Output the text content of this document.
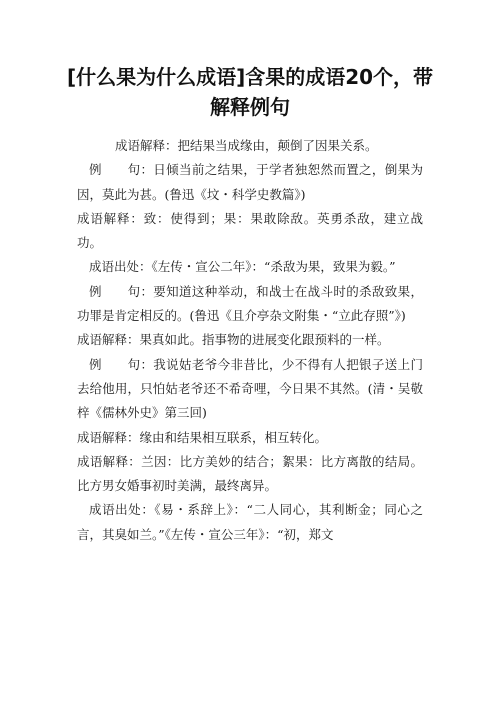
[什么果为什么成语]含果的成语20个，带解释例句

成语解释：把结果当成缘由，颠倒了因果关系。

例　　句：日倾当前之结果，于学者独恕然而置之，倒果为因，莫此为甚。(鲁迅《坟・科学史教篇》)

成语解释：致：使得到；果：果敢除敌。英勇杀敌，建立战功。

成语出处：《左传・宣公二年》：“杀敌为果，致果为毅。”

例　　句：要知道这种举动，和战士在战斗时的杀敌致果，功罪是肯定相反的。(鲁迅《且介亭杂文附集・“立此存照”》)

成语解释：果真如此。指事物的进展变化跟预料的一样。

例　　句：我说姑老爷今非昔比，少不得有人把银子送上门去给他用，只怕姑老爷还不希奇哩，今日果不其然。(清・吴敬梓《儒林外史》第三回)

成语解释：缘由和结果相互联系，相互转化。

成语解释：兰因：比方美妙的结合；絮果：比方离散的结局。比方男女婚事初时美满，最终离异。

成语出处：《易・系辞上》：“二人同心，其利断金；同心之言，其臭如兰。”《左传・宣公三年》：“初，郑文
